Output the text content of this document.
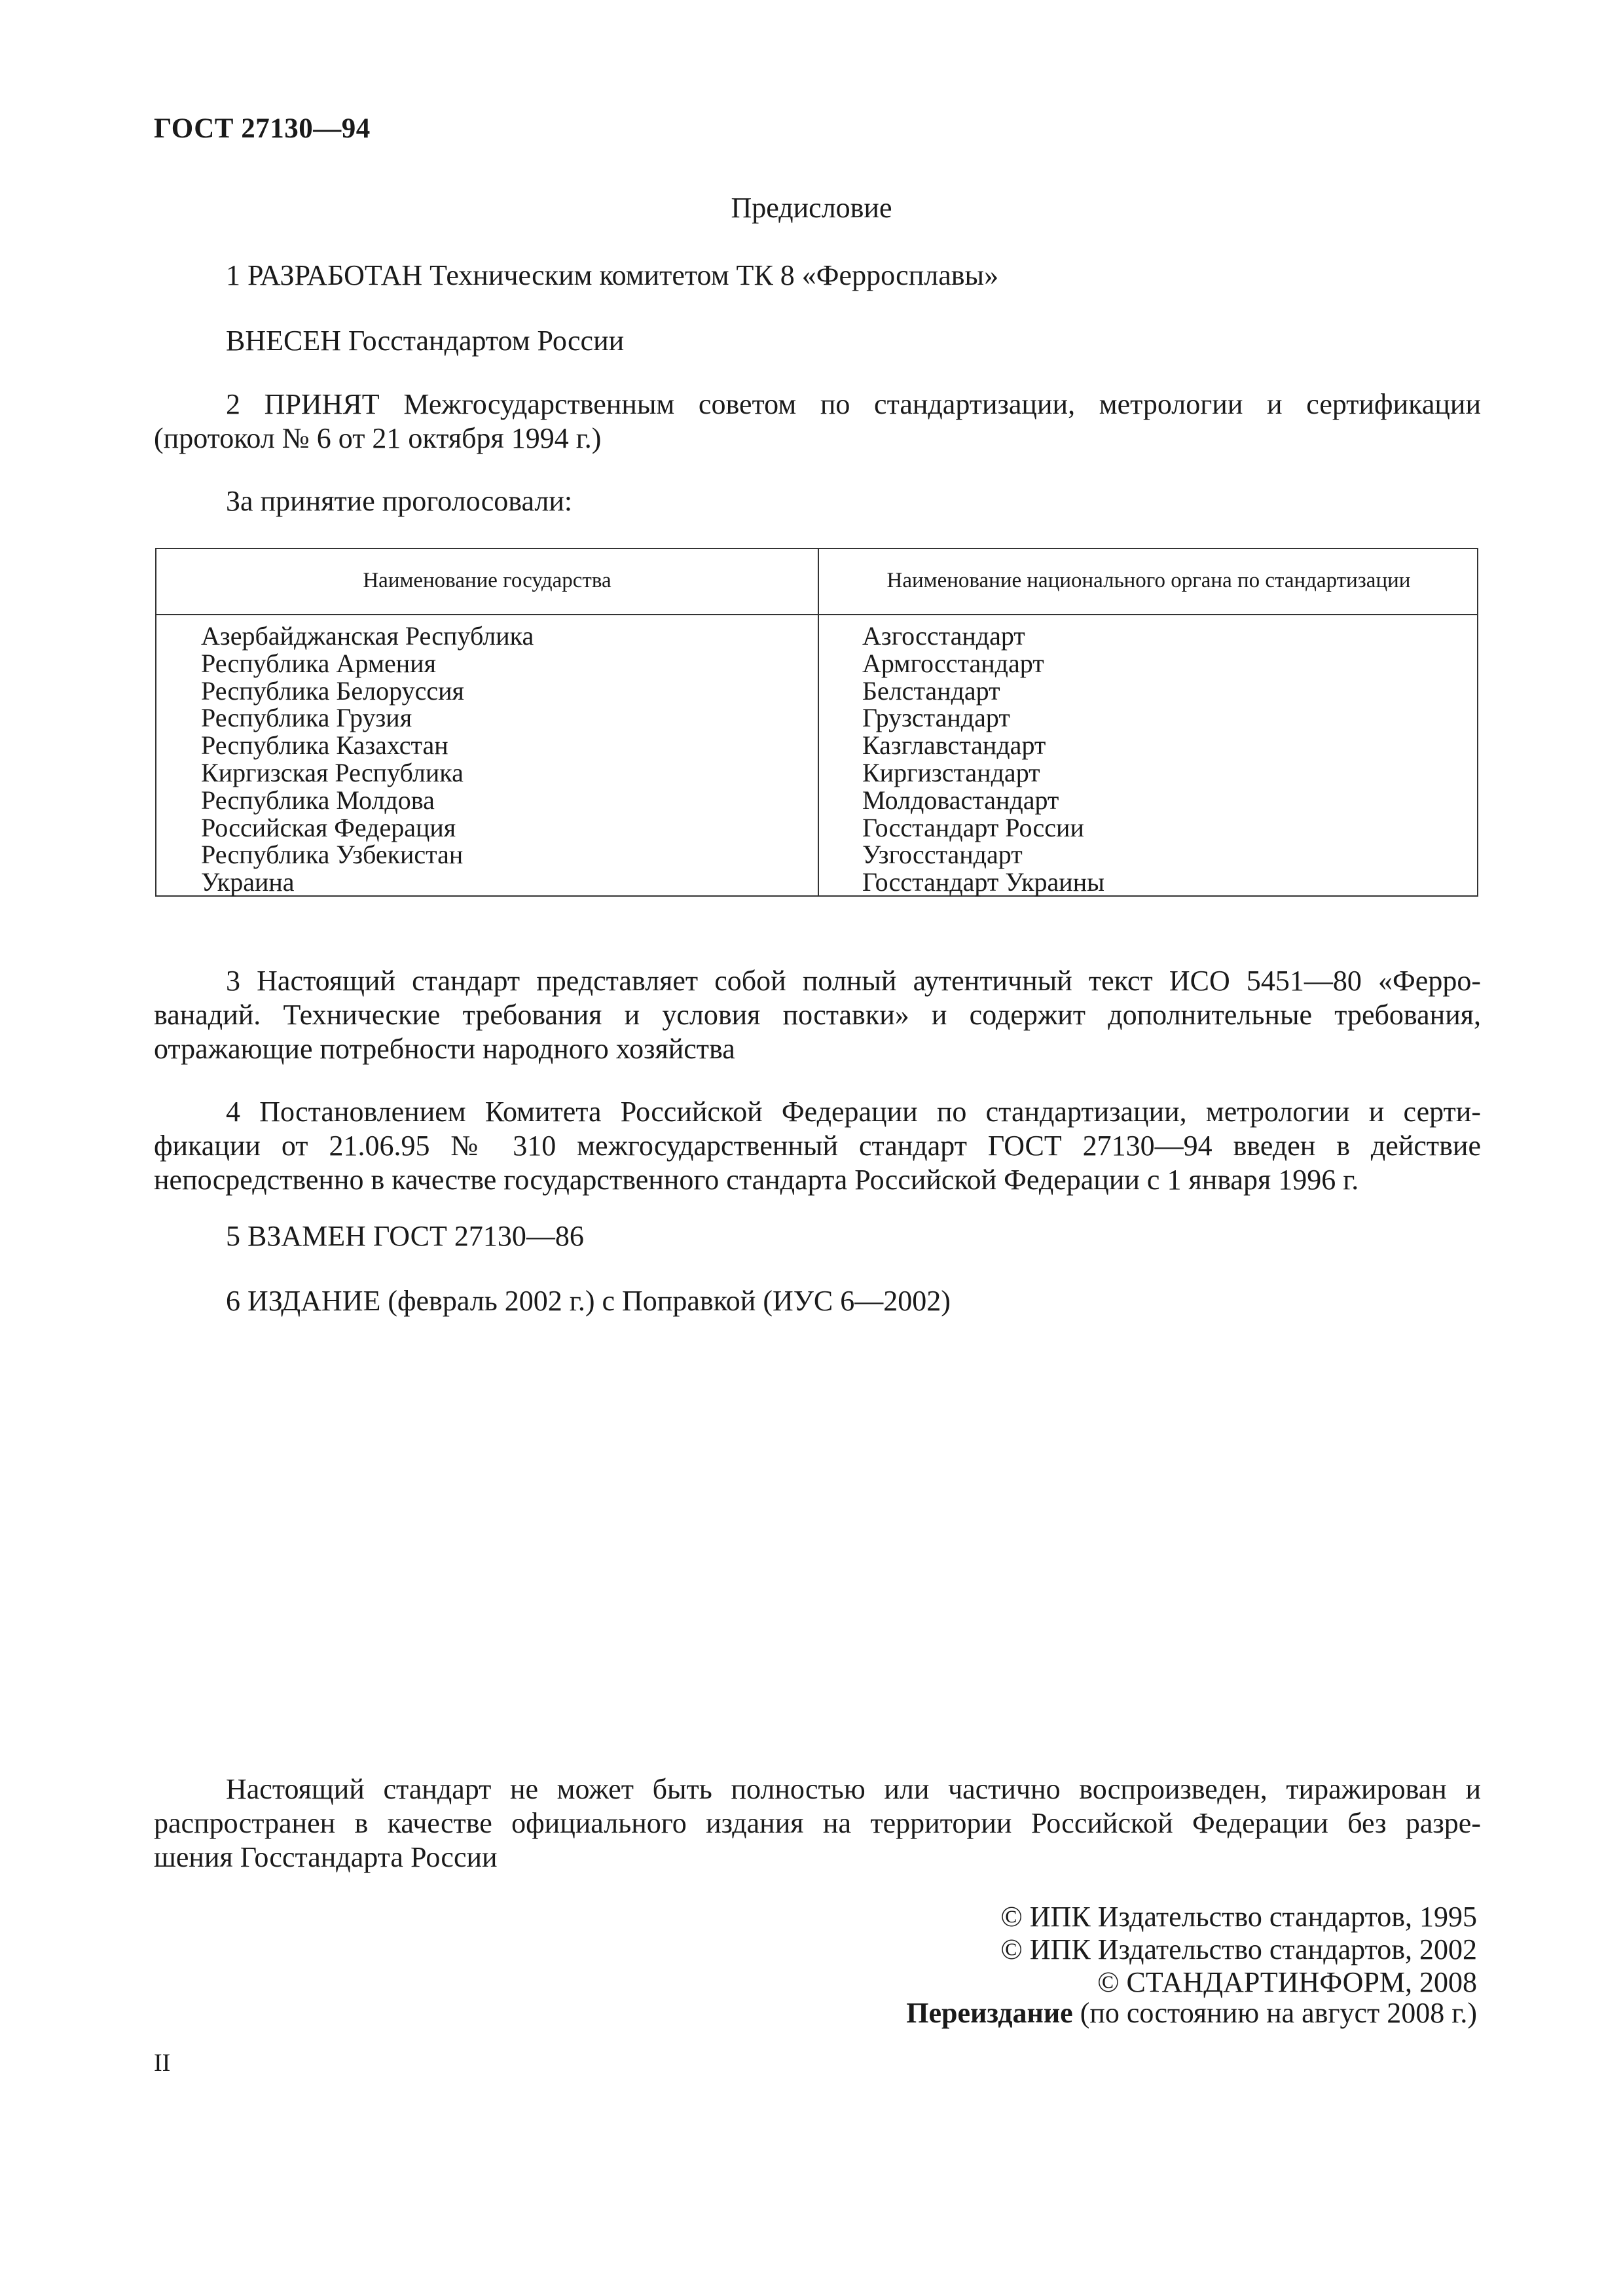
ГОСТ 27130—94
Предисловие
1 РАЗРАБОТАН Техническим комитетом ТК 8 «Ферросплавы»
ВНЕСЕН Госстандартом России
2 ПРИНЯТ Межгосударственным советом по стандартизации, метрологии и сертификации
(протокол № 6 от 21 октября 1994 г.)
За принятие проголосовали:
Наименование государства	Наименование национального органа по стандартизации
Азербайджанская Республика
Республика Армения
Республика Белоруссия
Республика Грузия
Республика Казахстан
Киргизская Республика
Республика Молдова
Российская Федерация
Республика Узбекистан
Украина
Азгосстандарт
Армгосстандарт
Белстандарт
Грузстандарт
Казглавстандарт
Киргизстандарт
Молдовастандарт
Госстандарт России
Узгосстандарт
Госстандарт Украины
3 Настоящий стандарт представляет собой полный аутентичный текст ИСО 5451—80 «Ферро-
ванадий. Технические требования и условия поставки» и содержит дополнительные требования,
отражающие потребности народного хозяйства
4 Постановлением Комитета Российской Федерации по стандартизации, метрологии и серти-
фикации от 21.06.95 № 310 межгосударственный стандарт ГОСТ 27130—94 введен в действие
непосредственно в качестве государственного стандарта Российской Федерации с 1 января 1996 г.
5 ВЗАМЕН ГОСТ 27130—86
6 ИЗДАНИЕ (февраль 2002 г.) с Поправкой (ИУС 6—2002)
Настоящий стандарт не может быть полностью или частично воспроизведен, тиражирован и
распространен в качестве официального издания на территории Российской Федерации без разре-
шения Госстандарта России
© ИПК Издательство стандартов, 1995
© ИПК Издательство стандартов, 2002
© СТАНДАРТИНФОРМ, 2008
Переиздание (по состоянию на август 2008 г.)
II
